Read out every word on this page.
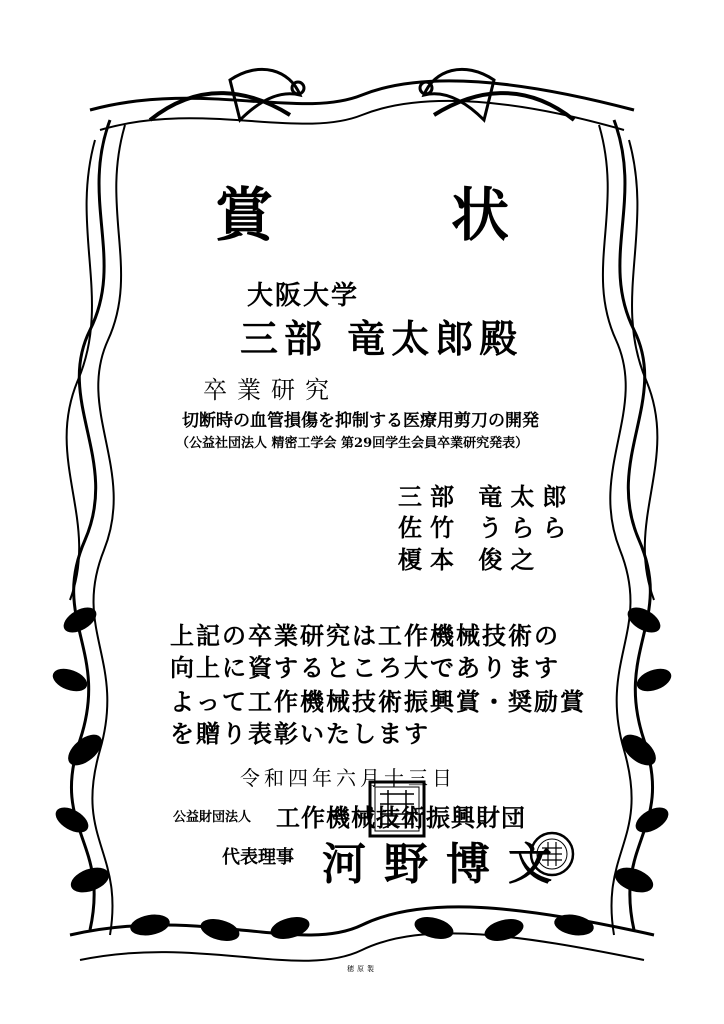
賞　状
大阪大学
三部 竜太郎殿
卒業研究
切断時の血管損傷を抑制する医療用剪刀の開発
（公益社団法人 精密工学会 第29回学生会員卒業研究発表）
三部 竜太郎
佐竹 うらら
榎本 俊之
上記の卒業研究は工作機械技術の
向上に資するところ大であります
よって工作機械技術振興賞・奨励賞
を贈り表彰いたします
令和四年六月十三日
公益財団法人 工作機械技術振興財団
代表理事 河野博文
穂原製
